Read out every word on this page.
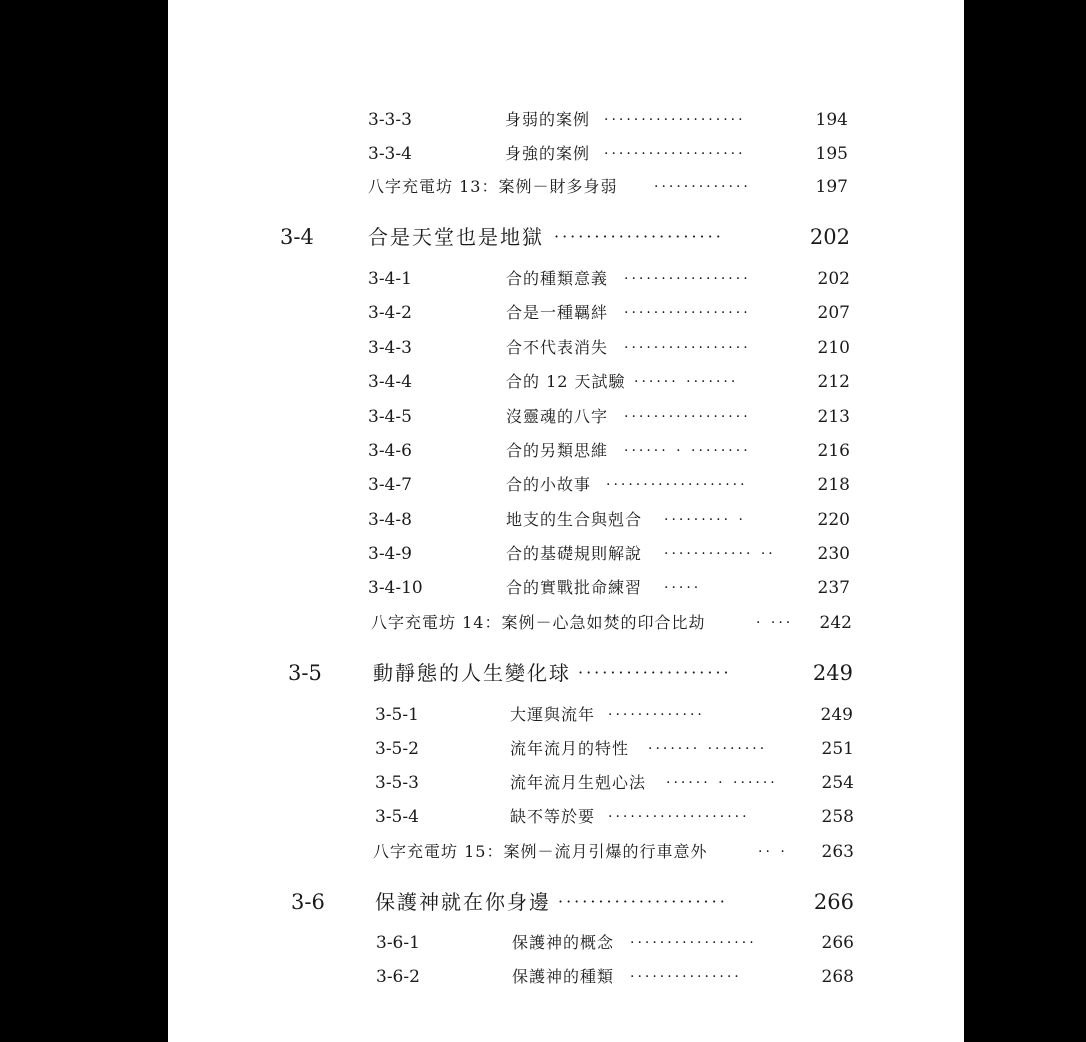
3-3-3	身弱的案例 ···················	194
3-3-4	身強的案例 ···················	195
八字充電坊 13：案例－財多身弱	·············	197
3-4	合是天堂也是地獄 ·····················	202
3-4-1	合的種類意義 ·················	202
3-4-2	合是一種羈絆 ·················	207
3-4-3	合不代表消失 ·················	210
3-4-4	合的 12 天試驗 ······ ·······	212
3-4-5	沒靈魂的八字 ·················	213
3-4-6	合的另類思維 ······ · ········	216
3-4-7	合的小故事 ···················	218
3-4-8	地支的生合與剋合 ········· ·	220
3-4-9	合的基礎規則解說 ············ ··	230
3-4-10	合的實戰批命練習 ·····	237
八字充電坊 14：案例－心急如焚的印合比劫	· ···	242
3-5	動靜態的人生變化球 ···················	249
3-5-1	大運與流年 ·············	249
3-5-2	流年流月的特性 ······· ········	251
3-5-3	流年流月生剋心法 ······ · ······	254
3-5-4	缺不等於要 ···················	258
八字充電坊 15：案例－流月引爆的行車意外	·· ·	263
3-6	保護神就在你身邊 ·····················	266
3-6-1	保護神的概念 ·················	266
3-6-2	保護神的種類 ···············	268
